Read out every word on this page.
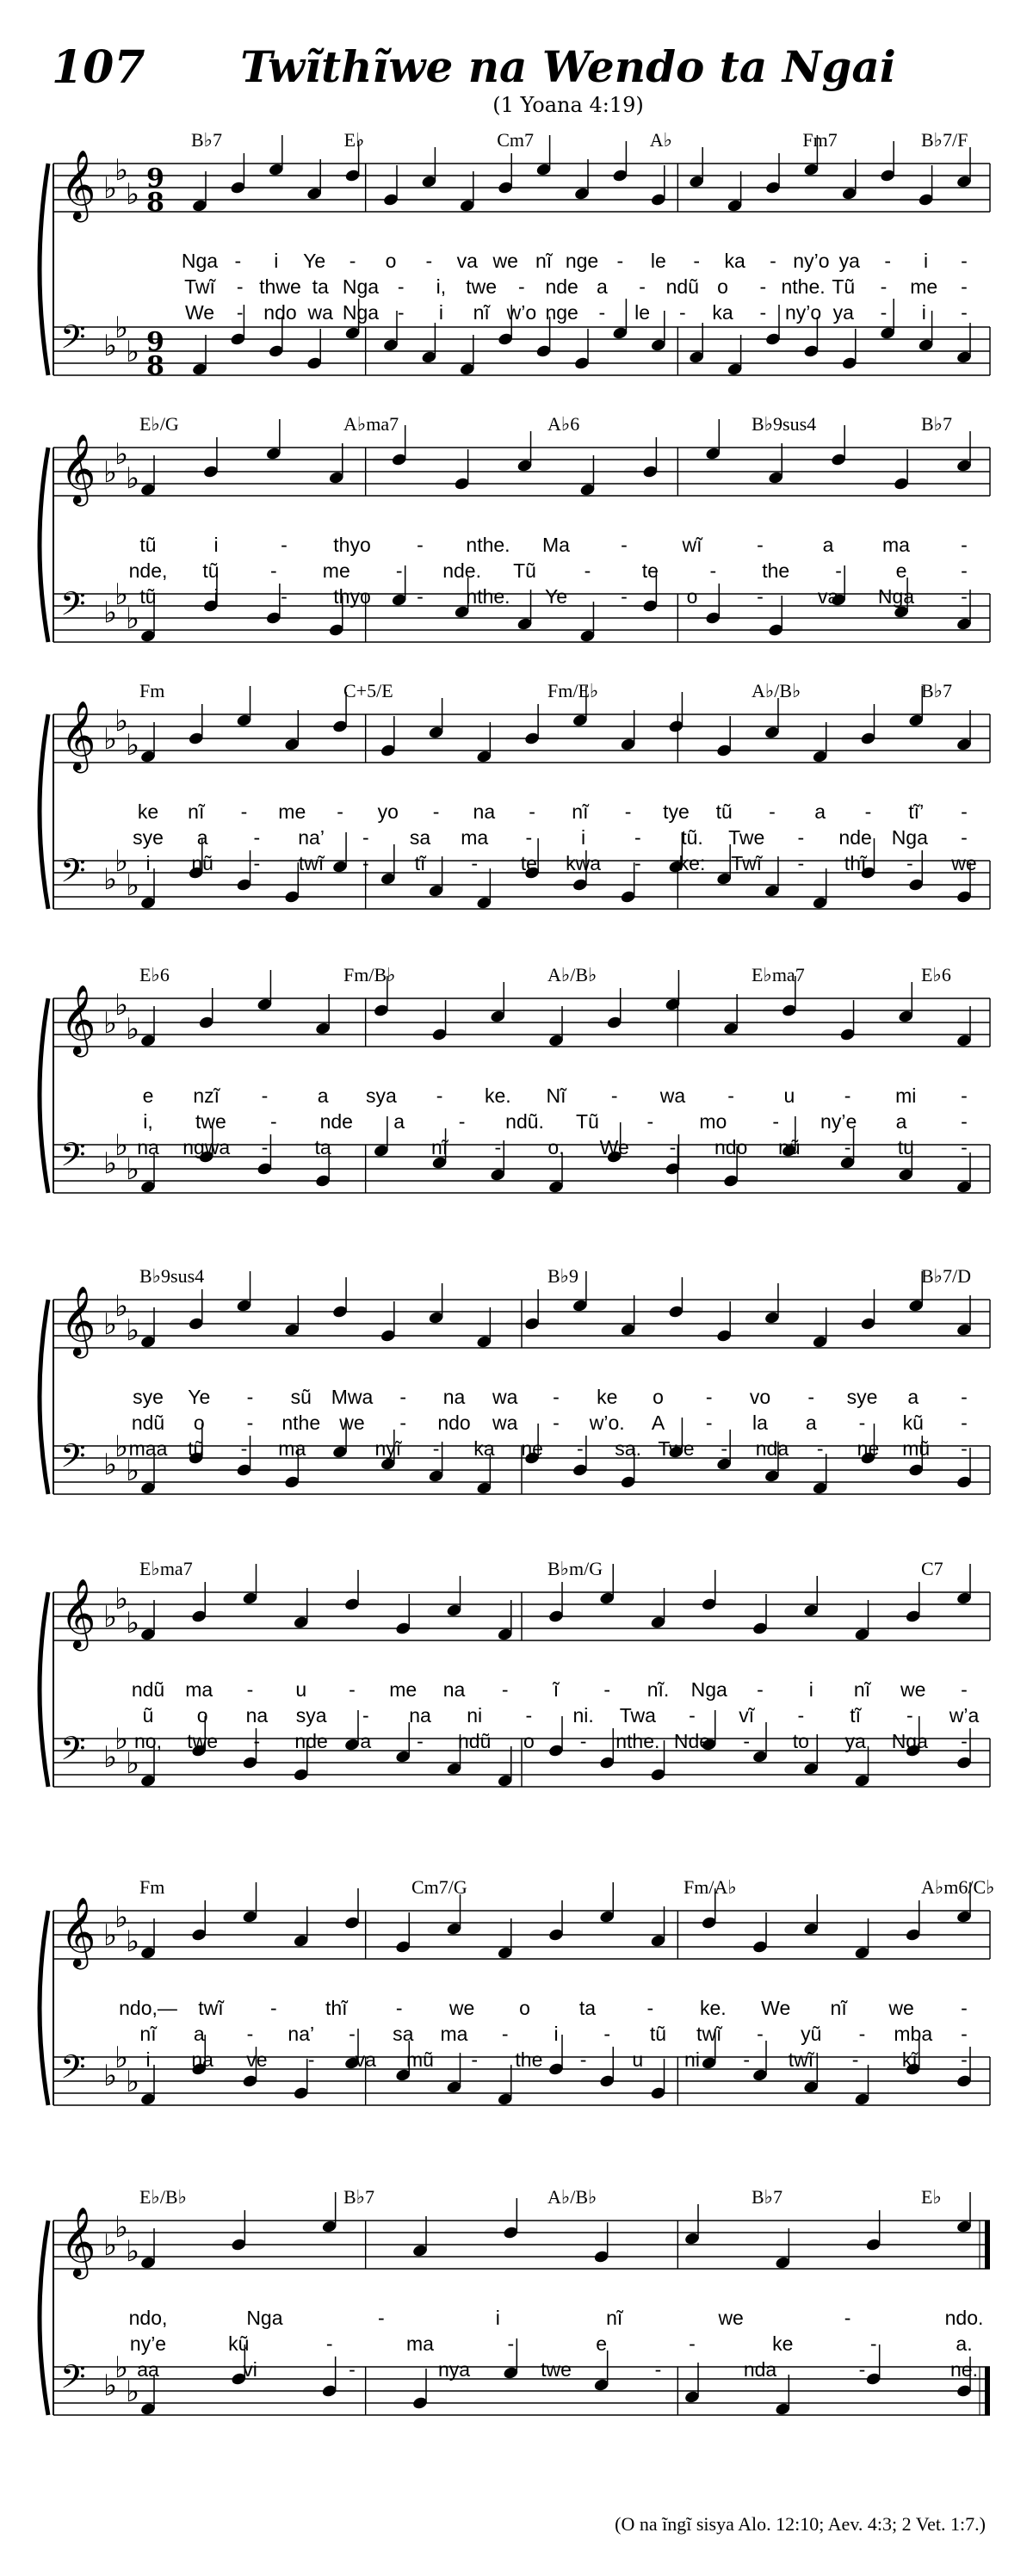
107	Twĩthĩwe na Wendo ta Ngai
(1 Yoana 4:19)
𝄞 ♭
♭
♭ 9
8
𝄢 ♭
♭
♭ 9
8
B♭7	E♭	Cm7	A♭	Fm7	B♭7/F
Nga - i Ye - o - va we nĩ nge - le - ka - ny’o ya - i -
Twĩ - thwe ta Nga - i, twe - nde a - ndũ o - nthe. Tũ - me -
We - ndo wa Nga - i nĩ w’o nge - le - ka - ny’o ya - i -
𝄞 ♭
♭
♭
𝄢 ♭
♭
♭
E♭/G	A♭ma7	A♭6	B♭9sus4	B♭7
tũ	i	- thyo - nthe. Ma	-	wĩ	-	a ma	-
nde, tũ	- me - nde. Tũ -	te	- the -	e	-
tũ	i	- thyo - nthe. Ye	-	o	-	va Nga -
𝄞 ♭
♭
♭
𝄢 ♭
♭
♭
Fm	C+5/E	Fm/E♭	A♭/B♭	B♭7
ke nĩ - me - yo - na - nĩ - tye tũ - a - tĩ’ -
sye a - na’ - sa ma - i - tũ. Twe - nde Nga -
i nũ - twĩ - tĩ - te kwa - ke: Twĩ - thĩ - we
𝄞 ♭
♭
♭
𝄢 ♭
♭
♭
E♭6	Fm/B♭	A♭/B♭	E♭ma7	E♭6
e nzĩ - a syа - ke. Nĩ - wa - u - mi -
i, twe - nde a	- ndũ. Tũ - mo - ny’e a	-
na ngwa - ta - nĩ - o. We - ndo nũ - tu -
𝄞 ♭
♭
♭
𝄢 ♭
♭
♭
B♭9sus4	B♭9	B♭7/D
sye Ye - sũ Mwa - na wa - ke o - vo - sye a -
ndũ o - nthe we - ndo wa - w’o. A - la a - kũ -
maa tũ - ma - nyĩ - ka ne - sa. Twe - nda - ne mũ -
𝄞 ♭
♭
♭
𝄢 ♭
♭
♭
E♭ma7	B♭m/G	C7
ndũ ma - u - me na - ĩ - nĩ. Nga - i nĩ we -
ũ o na sya - na ni - ni. Twa - vĩ - tĩ - w’a
no, twe - nde a - ndũ o - nthe. Nde - to ya Nga -
𝄞 ♭
♭
♭
𝄢 ♭
♭
♭
Fm	Cm7/G	Fm/A♭	A♭m6/C♭
ndo,— twĩ - thĩ - we o ta	- ke. We nĩ we -
nĩ a - na’ - sa ma - i - tũ twĩ - yũ - mba -
i na ve - va mũ - the - u ni - twĩ - kĩ -
𝄞 ♭
♭
♭
𝄢 ♭
♭
♭
E♭/B♭	B♭7	A♭/B♭	B♭7	E♭
ndo,	Nga	-	i	nĩ	we	-	ndo.
ny’e	kũ	-	ma	-	e	-	ke	-	a.
aa	vi	-	nya	twe	-	nda	-	ne.
(O na ĩngĩ sisya Alo. 12:10; Aev. 4:3; 2 Vet. 1:7.)
